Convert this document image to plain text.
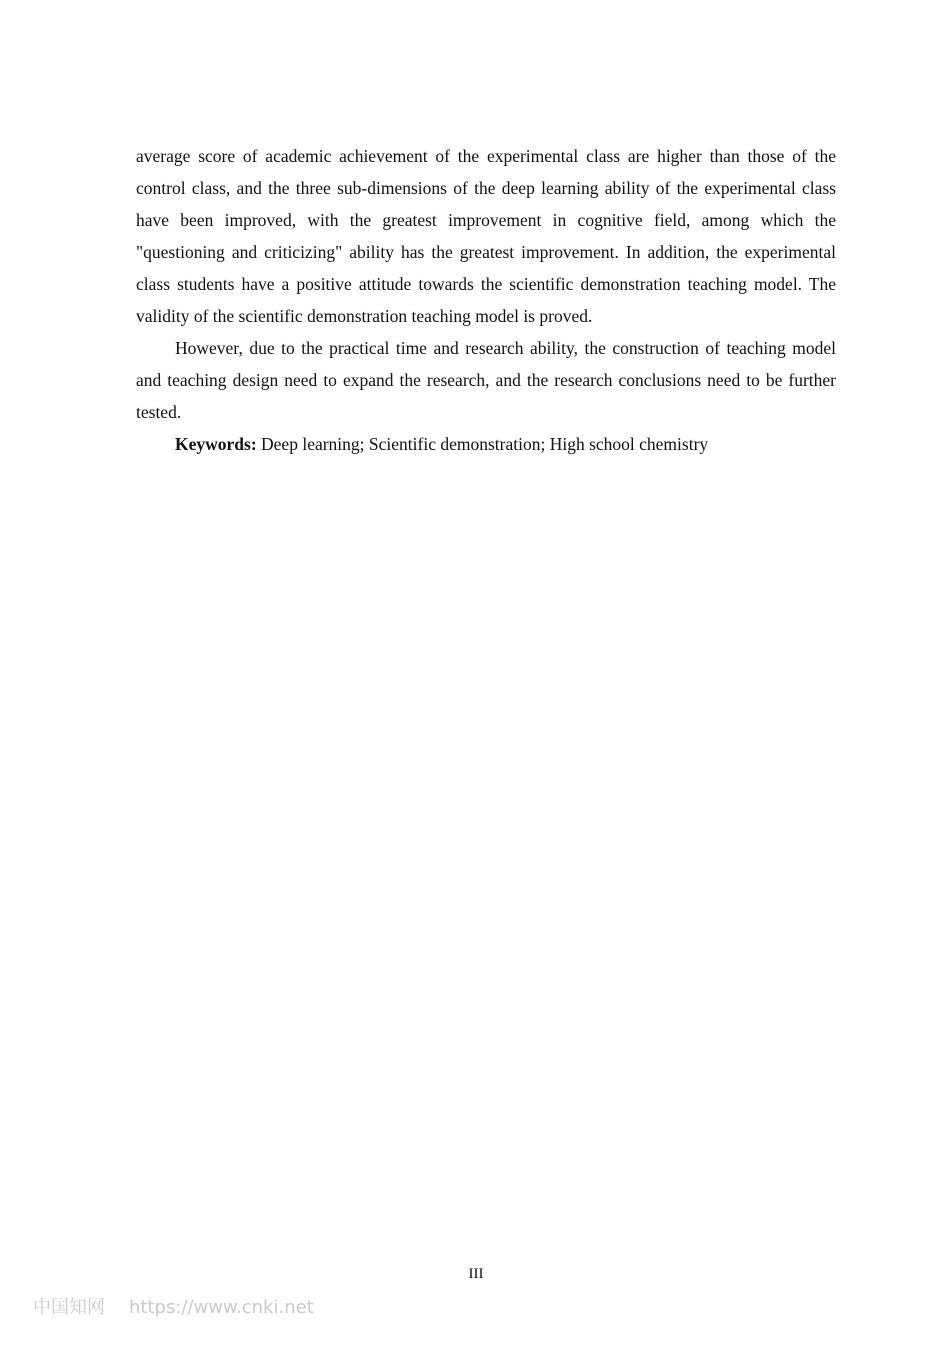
average score of academic achievement of the experimental class are higher than those of the control class, and the three sub-dimensions of the deep learning ability of the experimental class have been improved, with the greatest improvement in cognitive field, among which the "questioning and criticizing" ability has the greatest improvement. In addition, the experimental class students have a positive attitude towards the scientific demonstration teaching model. The validity of the scientific demonstration teaching model is proved.

However, due to the practical time and research ability, the construction of teaching model and teaching design need to expand the research, and the research conclusions need to be further tested.

Keywords: Deep learning; Scientific demonstration; High school chemistry

III
中国知网 https://www.cnki.net
